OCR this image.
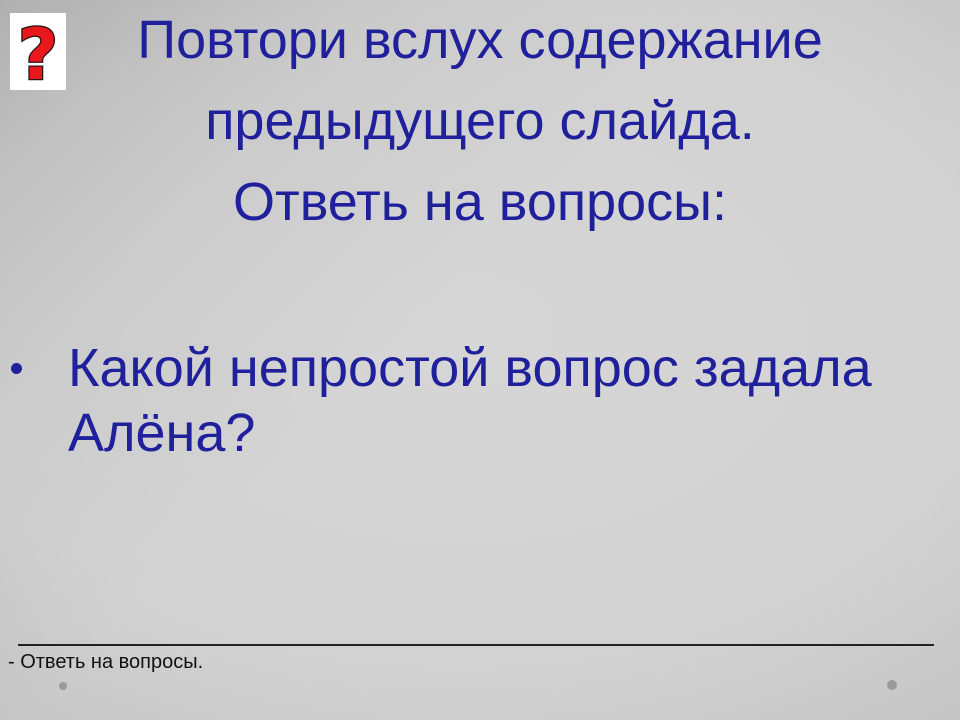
?	Повтори вслух содержание
предыдущего слайда.
Ответь на вопросы:
Какой непростой вопрос задала Алёна?
- Ответь на вопросы.
